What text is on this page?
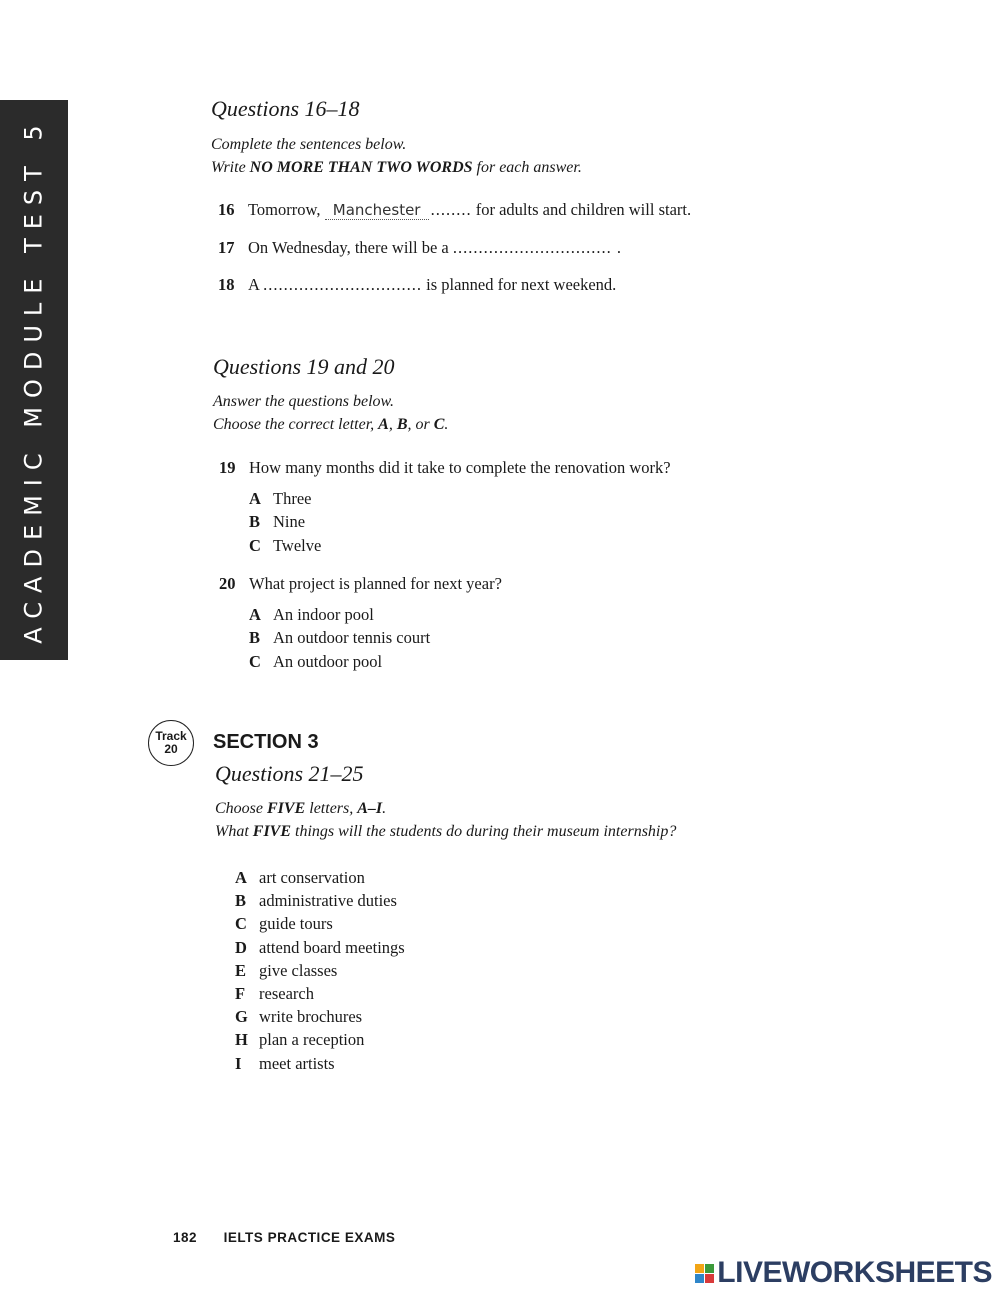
ACADEMIC MODULE TEST 5
Questions 16–18
Complete the sentences below.
Write NO MORE THAN TWO WORDS for each answer.
16 Tomorrow,
Manchester	........ for adults and children will start.
17 On Wednesday, there will be a ............................... .
18 A ............................... is planned for next weekend.
Questions 19 and 20
Answer the questions below.
Choose the correct letter, A, B, or C.
19 How many months did it take to complete the renovation work?
A Three
B Nine
C Twelve
20 What project is planned for next year?
A An indoor pool
B An outdoor tennis court
C An outdoor pool
Track
20	SECTION 3
Questions 21–25
Choose FIVE letters, A–I.
What FIVE things will the students do during their museum internship?
A art conservation
B administrative duties
C guide tours
D attend board meetings
E give classes
F research
G write brochures
H plan a reception
I	meet artists
182 IELTS PRACTICE EXAMS
LIVEWORKSHEETS
